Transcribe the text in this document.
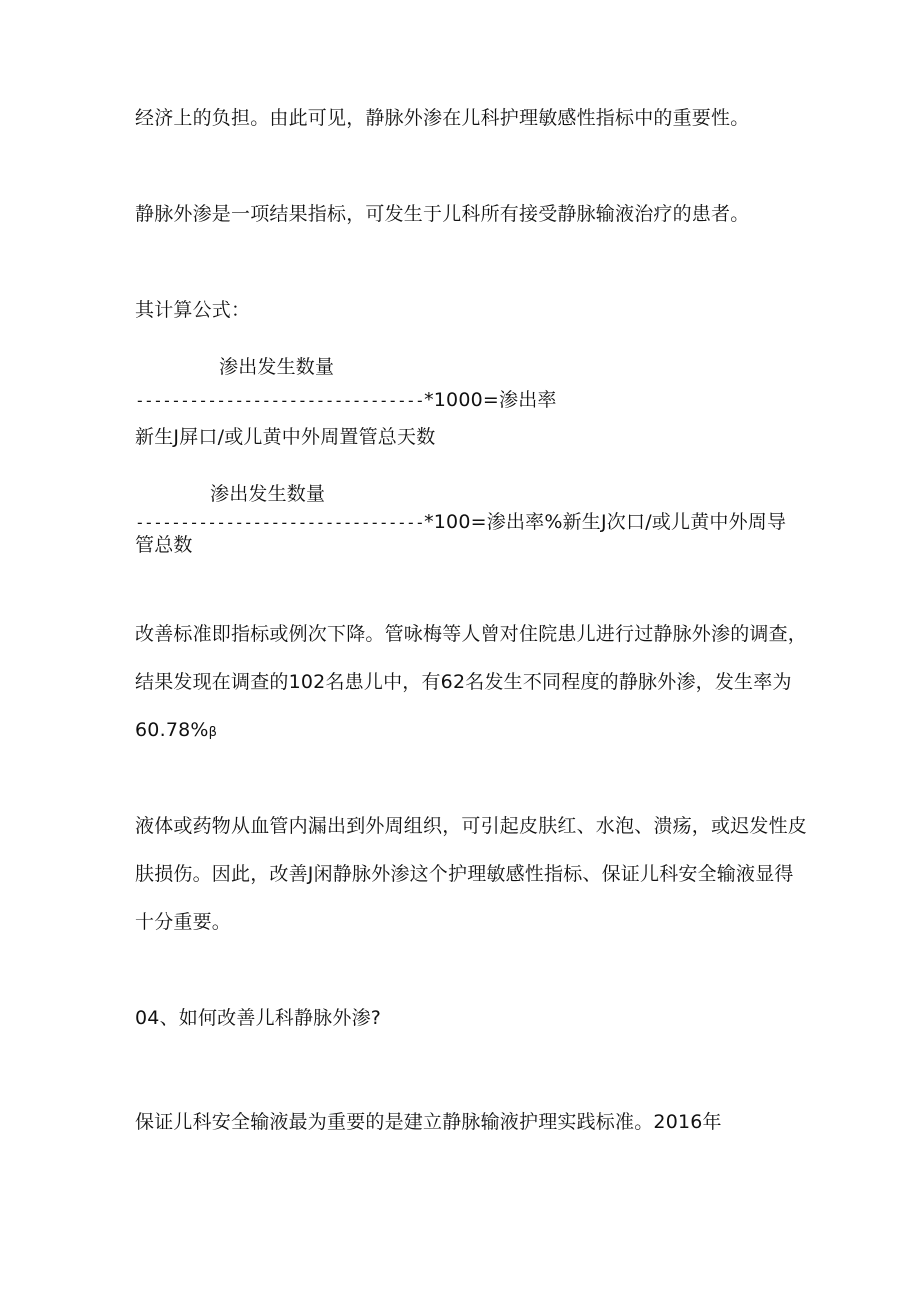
经济上的负担。由此可见，静脉外渗在儿科护理敏感性指标中的重要性。
静脉外渗是一项结果指标，可发生于儿科所有接受静脉输液治疗的患者。
其计算公式：
渗出发生数量
--------------------------------*1000=渗出率
新生J屏口/或儿黄中外周置管总天数
渗出发生数量
--------------------------------*100=渗出率%新生J次口/或儿黄中外周导
管总数
改善标准即指标或例次下降。管咏梅等人曾对住院患儿进行过静脉外渗的调查，
结果发现在调查的102名患儿中，有62名发生不同程度的静脉外渗，发生率为
60.78%β
液体或药物从血管内漏出到外周组织，可引起皮肤红、水泡、溃疡，或迟发性皮
肤损伤。因此，改善J闲静脉外渗这个护理敏感性指标、保证儿科安全输液显得
十分重要。
04、如何改善儿科静脉外渗?
保证儿科安全输液最为重要的是建立静脉输液护理实践标准。2016年
